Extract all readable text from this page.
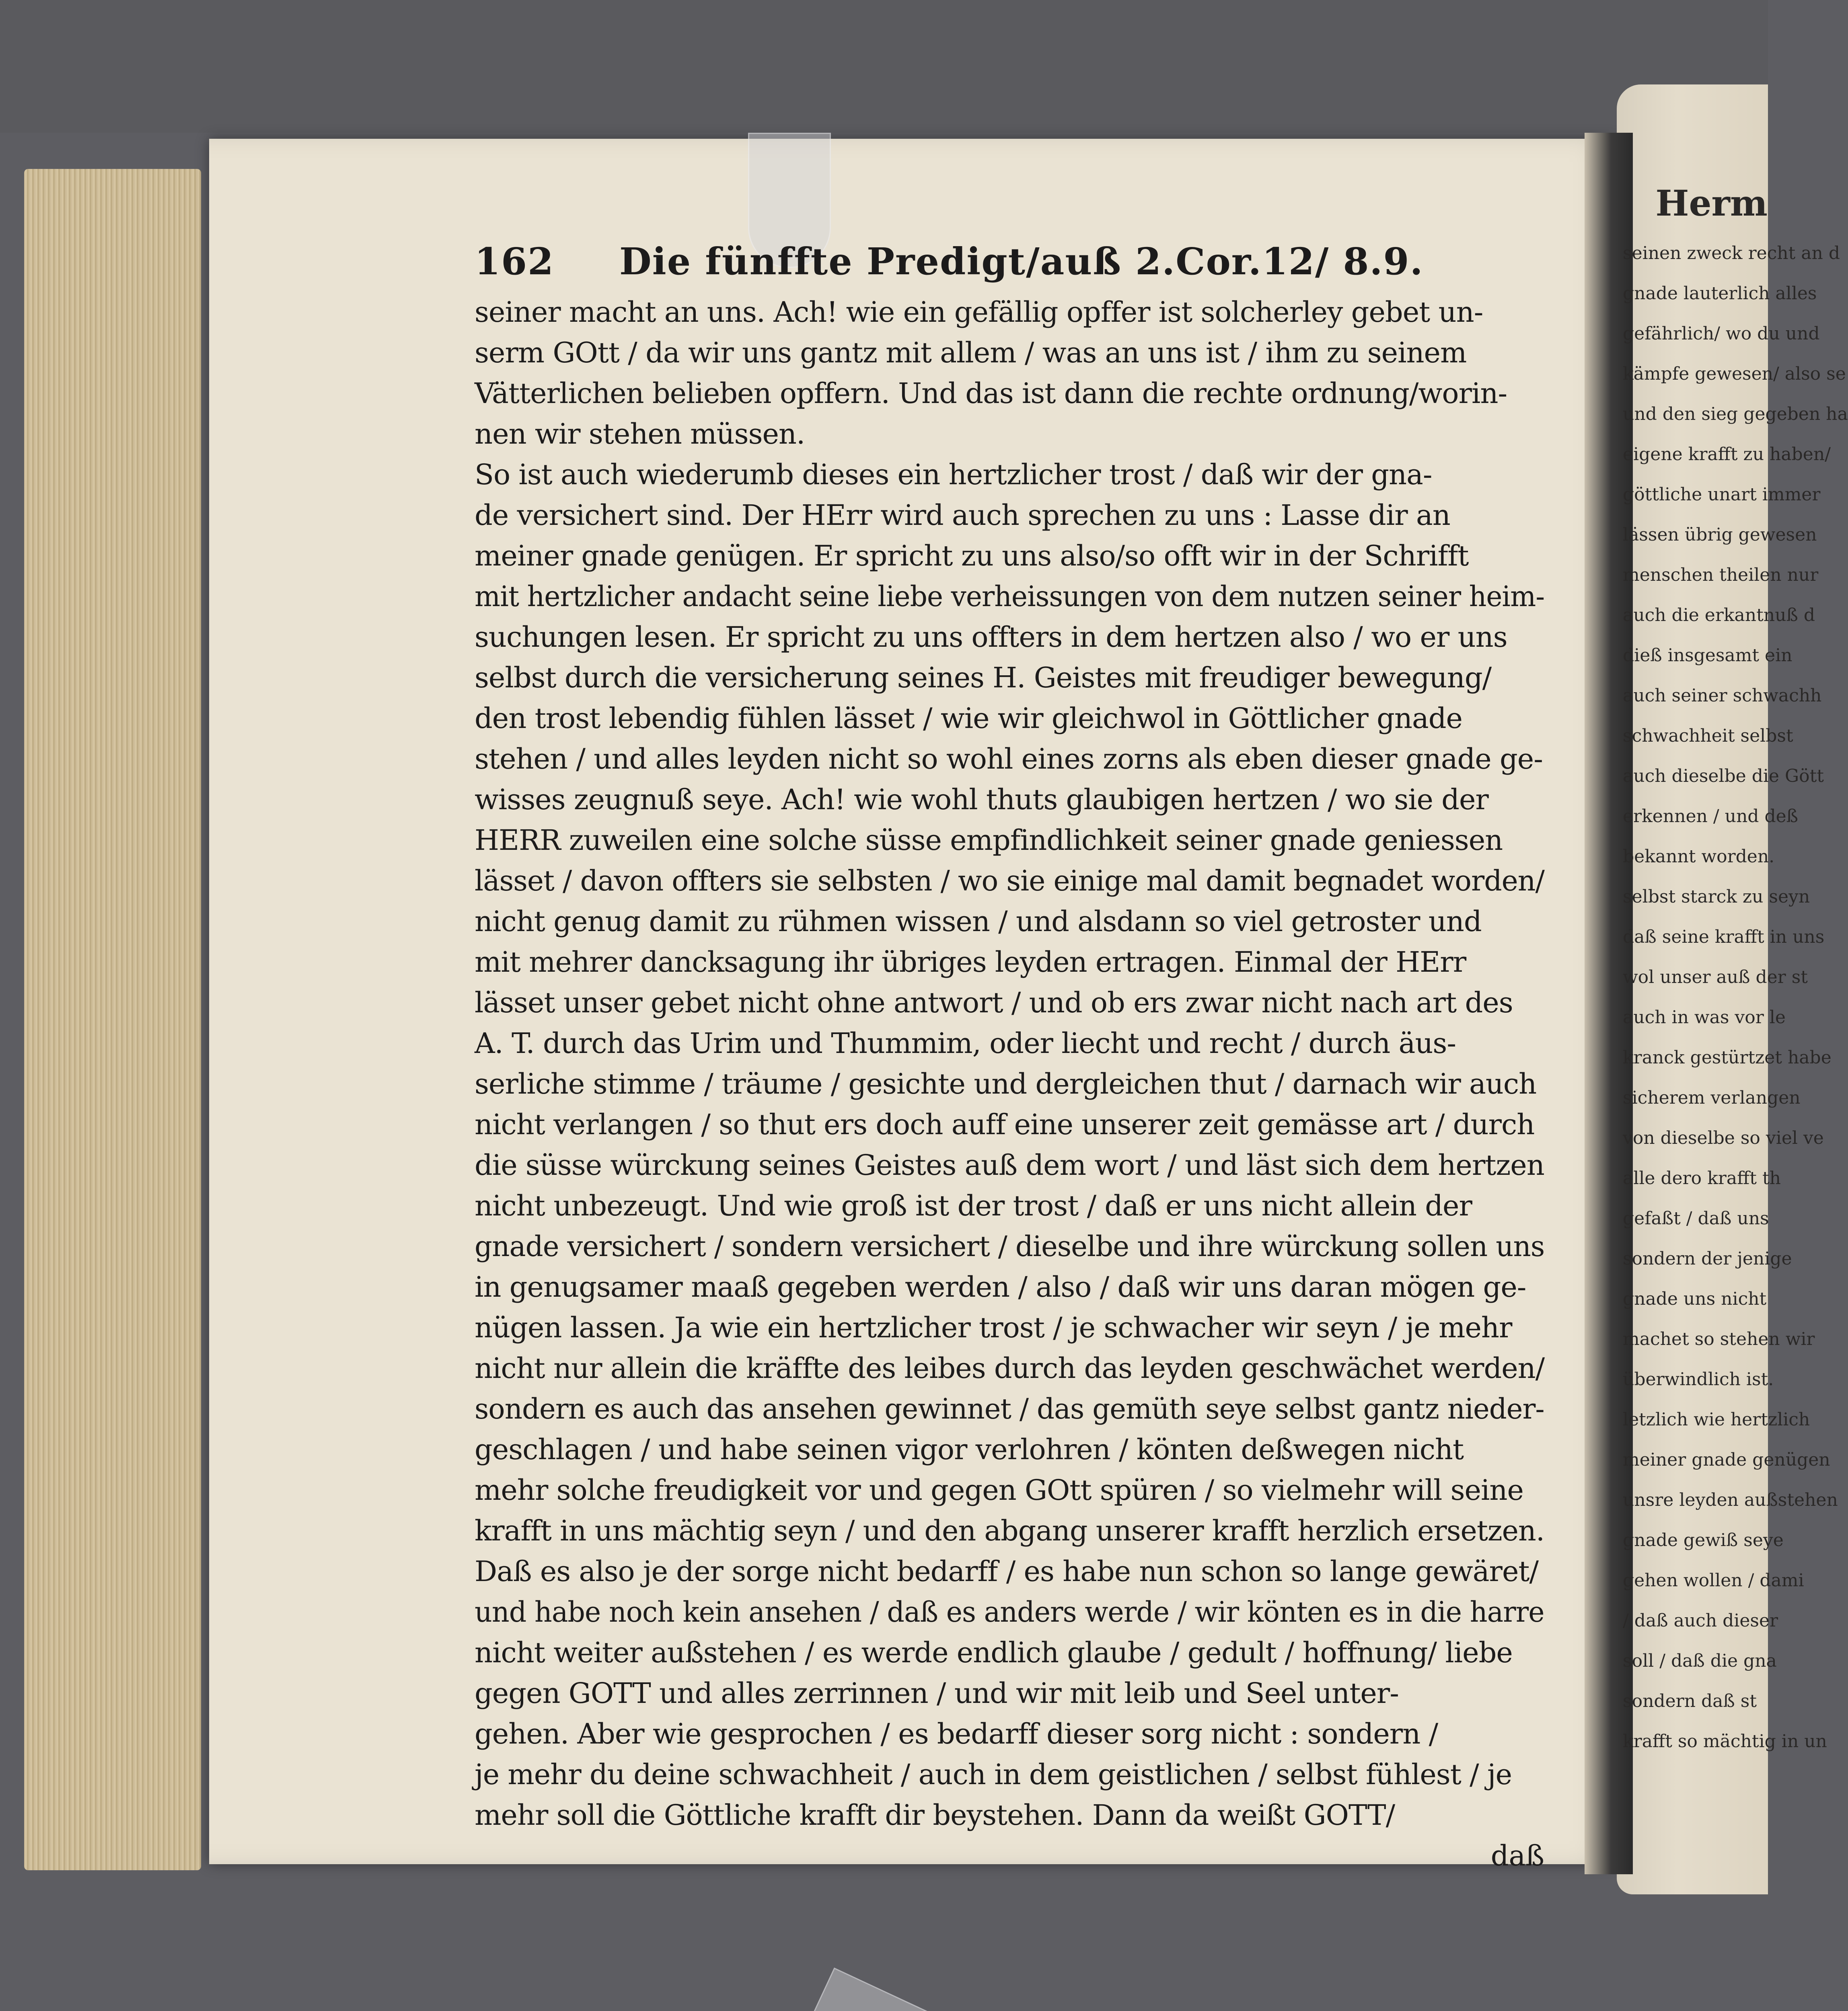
162 Die fünffte Predigt/auß 2.Cor.12/ 8.9.
seiner macht an uns. Ach! wie ein gefällig opffer ist solcherley gebet un-
serm GOtt / da wir uns gantz mit allem / was an uns ist / ihm zu seinem
Vätterlichen belieben opffern. Und das ist dann die rechte ordnung/worin-
nen wir stehen müssen.
So ist auch wiederumb dieses ein hertzlicher trost / daß wir der gna-
de versichert sind. Der HErr wird auch sprechen zu uns : Lasse dir an
meiner gnade genügen. Er spricht zu uns also/so offt wir in der Schrifft
mit hertzlicher andacht seine liebe verheissungen von dem nutzen seiner heim-
suchungen lesen. Er spricht zu uns offters in dem hertzen also / wo er uns
selbst durch die versicherung seines H. Geistes mit freudiger bewegung/
den trost lebendig fühlen lässet / wie wir gleichwol in Göttlicher gnade
stehen / und alles leyden nicht so wohl eines zorns als eben dieser gnade ge-
wisses zeugnuß seye. Ach! wie wohl thuts glaubigen hertzen / wo sie der
HERR zuweilen eine solche süsse empfindlichkeit seiner gnade geniessen
lässet / davon offters sie selbsten / wo sie einige mal damit begnadet worden/
nicht genug damit zu rühmen wissen / und alsdann so viel getroster und
mit mehrer dancksagung ihr übriges leyden ertragen. Einmal der HErr
lässet unser gebet nicht ohne antwort / und ob ers zwar nicht nach art des
A. T. durch das Urim und Thummim, oder liecht und recht / durch äus-
serliche stimme / träume / gesichte und dergleichen thut / darnach wir auch
nicht verlangen / so thut ers doch auff eine unserer zeit gemässe art / durch
die süsse würckung seines Geistes auß dem wort / und läst sich dem hertzen
nicht unbezeugt. Und wie groß ist der trost / daß er uns nicht allein der
gnade versichert / sondern versichert / dieselbe und ihre würckung sollen uns
in genugsamer maaß gegeben werden / also / daß wir uns daran mögen ge-
nügen lassen. Ja wie ein hertzlicher trost / je schwacher wir seyn / je mehr
nicht nur allein die kräffte des leibes durch das leyden geschwächet werden/
sondern es auch das ansehen gewinnet / das gemüth seye selbst gantz nieder-
geschlagen / und habe seinen vigor verlohren / könten deßwegen nicht
mehr solche freudigkeit vor und gegen GOtt spüren / so vielmehr will seine
krafft in uns mächtig seyn / und den abgang unserer krafft herzlich ersetzen.
Daß es also je der sorge nicht bedarff / es habe nun schon so lange gewäret/
und habe noch kein ansehen / daß es anders werde / wir könten es in die harre
nicht weiter außstehen / es werde endlich glaube / gedult / hoffnung/ liebe
gegen GOTT und alles zerrinnen / und wir mit leib und Seel unter-
gehen. Aber wie gesprochen / es bedarff dieser sorg nicht : sondern /
je mehr du deine schwachheit / auch in dem geistlichen / selbst fühlest / je
mehr soll die Göttliche krafft dir beystehen. Dann da weißt GOTT/
daß
Herm
seinen zweck recht an d
gnade lauterlich alles
gefährlich/ wo du und
kämpfe gewesen/ also se
und den sieg gegeben ha
eigene krafft zu haben/
göttliche unart immer
lässen übrig gewesen
menschen theilen nur
auch die erkantnuß d
dieß insgesamt ein
auch seiner schwachh
schwachheit selbst
auch dieselbe die Gött
erkennen / und deß
bekannt worden.
selbst starck zu seyn
daß seine krafft in uns
wol unser auß der st
auch in was vor le
kranck gestürtzet habe
sicherem verlangen
von dieselbe so viel ve
alle dero krafft th
gefaßt / daß uns
sondern der jenige
gnade uns nicht
machet so stehen wir
überwindlich ist.
letzlich wie hertzlich
meiner gnade genügen
unsre leyden außstehen
gnade gewiß seye
gehen wollen / dami
/ daß auch dieser
soll / daß die gna
sondern daß st
krafft so mächtig in un
